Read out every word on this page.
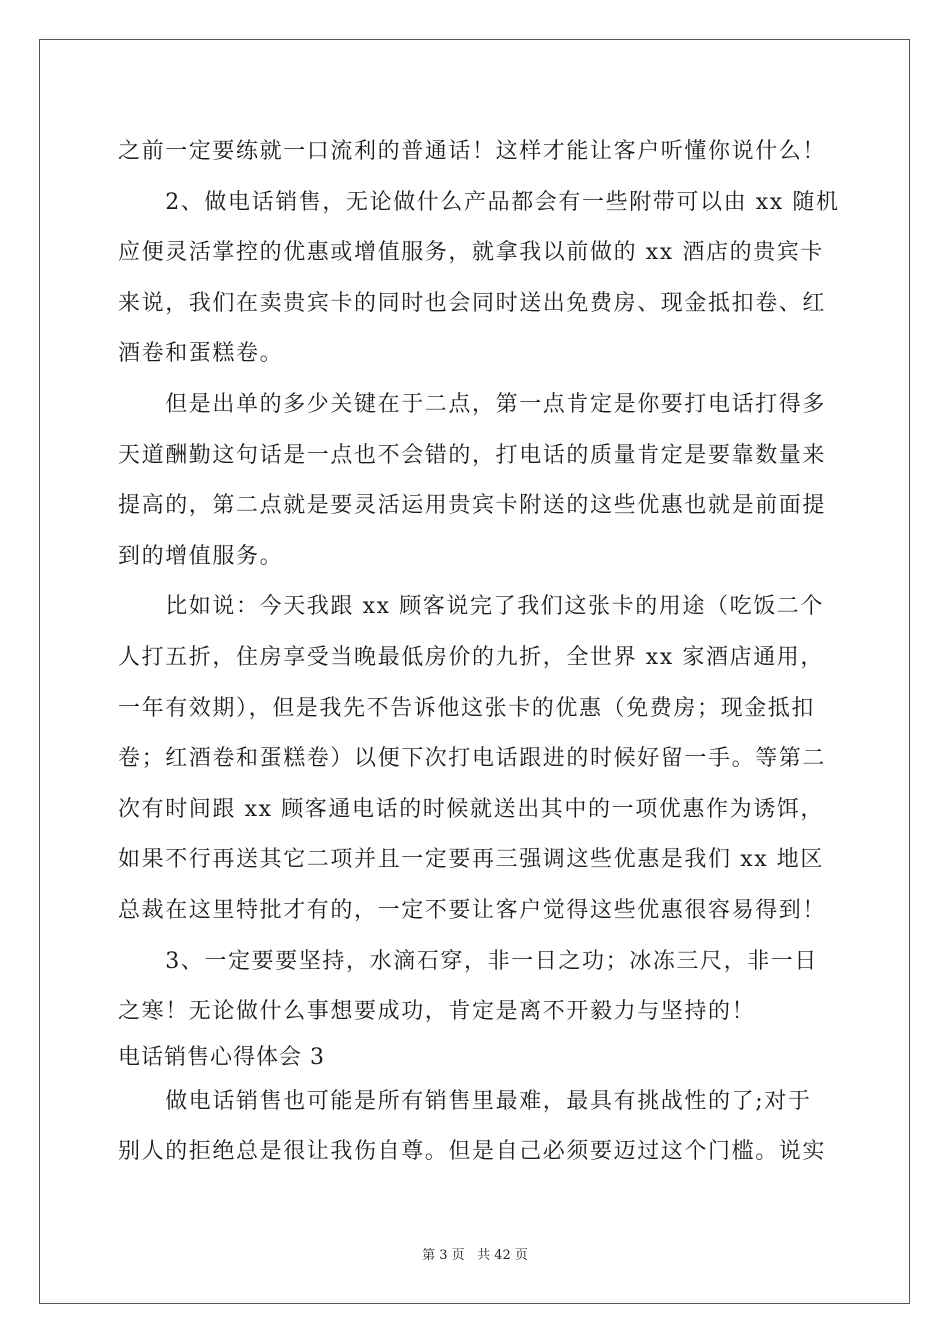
之前一定要练就一口流利的普通话！这样才能让客户听懂你说什么！
　　2、做电话销售，无论做什么产品都会有一些附带可以由 xx 随机
应便灵活掌控的优惠或增值服务，就拿我以前做的 xx 酒店的贵宾卡
来说，我们在卖贵宾卡的同时也会同时送出免费房、现金抵扣卷、红
酒卷和蛋糕卷。
　　但是出单的多少关键在于二点，第一点肯定是你要打电话打得多
天道酬勤这句话是一点也不会错的，打电话的质量肯定是要靠数量来
提高的，第二点就是要灵活运用贵宾卡附送的这些优惠也就是前面提
到的增值服务。
　　比如说：今天我跟 xx 顾客说完了我们这张卡的用途（吃饭二个
人打五折，住房享受当晚最低房价的九折，全世界 xx 家酒店通用，
一年有效期），但是我先不告诉他这张卡的优惠（免费房；现金抵扣
卷；红酒卷和蛋糕卷）以便下次打电话跟进的时候好留一手。等第二
次有时间跟 xx 顾客通电话的时候就送出其中的一项优惠作为诱饵，
如果不行再送其它二项并且一定要再三强调这些优惠是我们 xx 地区
总裁在这里特批才有的，一定不要让客户觉得这些优惠很容易得到！
　　3、一定要要坚持，水滴石穿，非一日之功；冰冻三尺，非一日
之寒！无论做什么事想要成功，肯定是离不开毅力与坚持的！
电话销售心得体会 3
　　做电话销售也可能是所有销售里最难，最具有挑战性的了;对于
别人的拒绝总是很让我伤自尊。但是自己必须要迈过这个门槛。说实
第 3 页 共 42 页
